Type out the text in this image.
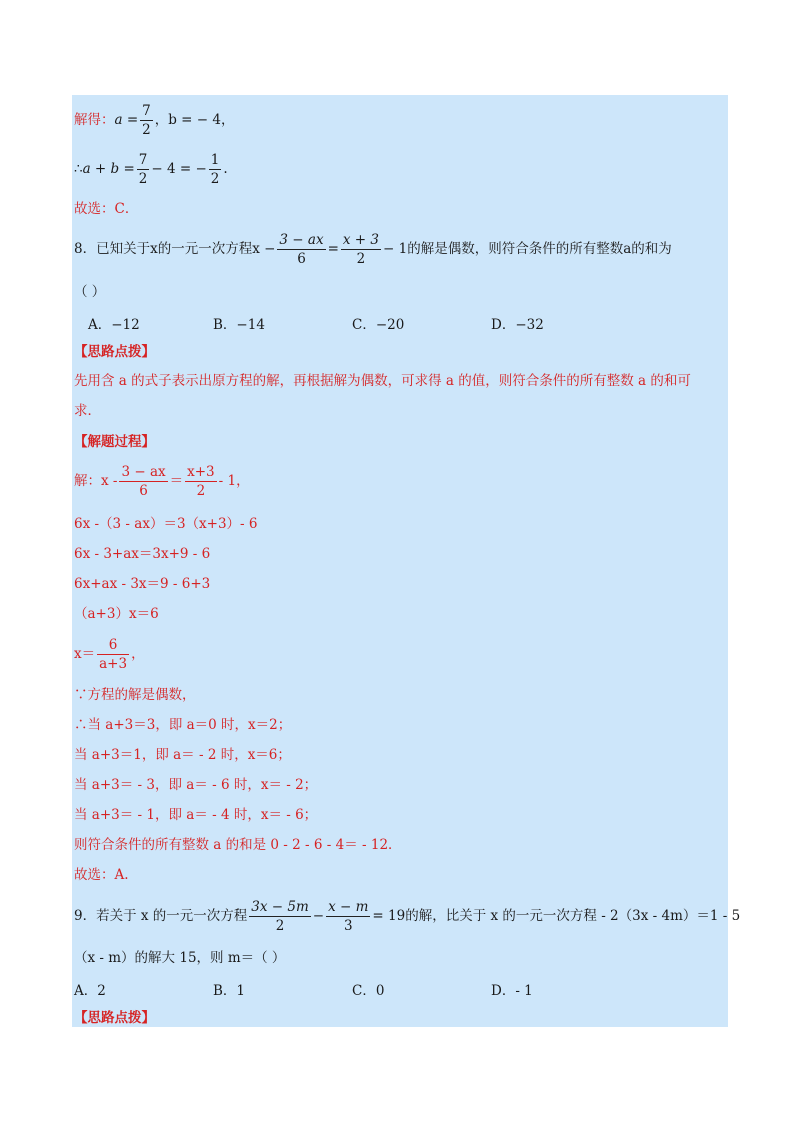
解得：$a = \frac{7}{2}$ ，b = − 4，
∴a + $b = \frac{7}{2} - 4$ = − $\frac{1}{2}$ .
故选：C．
8．已知关于x的一元一次方程$x - \frac{3 - ax}{6} = \frac{x + 3}{2} - 1$的解是偶数，则符合条件的所有整数a的和为
（ ）
A．−12	B．−14	C．−20	D．−32
【思路点拨】
先用含 a 的式子表示出原方程的解，再根据解为偶数，可求得 a 的值，则符合条件的所有整数 a 的和可
求．
【解题过程】
解：$x - \frac{3 - ax}{6} = \frac{x+3}{2} - 1$，
6x -（3 - ax）＝3（x+3）- 6
6x - 3+ax＝3x+9 - 6
6x+ax - 3x＝9 - 6+3
（a+3）x＝6
$x= \frac{6}{a+3}$ ，
∵方程的解是偶数，
∴当 a+3＝3，即 a＝0 时，x＝2；
当 a+3＝1，即 a＝ - 2 时，x＝6；
当 a+3＝ - 3，即 a＝ - 6 时，x＝ - 2；
当 a+3＝ - 1，即 a＝ - 4 时，x＝ - 6；
则符合条件的所有整数 a 的和是 0 - 2 - 6 - 4＝ - 12．
故选：A.
9．若关于 x 的一元一次方程 $\frac{3x - 5m}{2} - \frac{x - m}{3} = 19$的解，比关于 x 的一元一次方程 - 2（3x - 4m）＝1 - 5
（x - m）的解大 15，则 m＝（ ）
A．2	B．1	C．0	D．- 1
【思路点拨】
